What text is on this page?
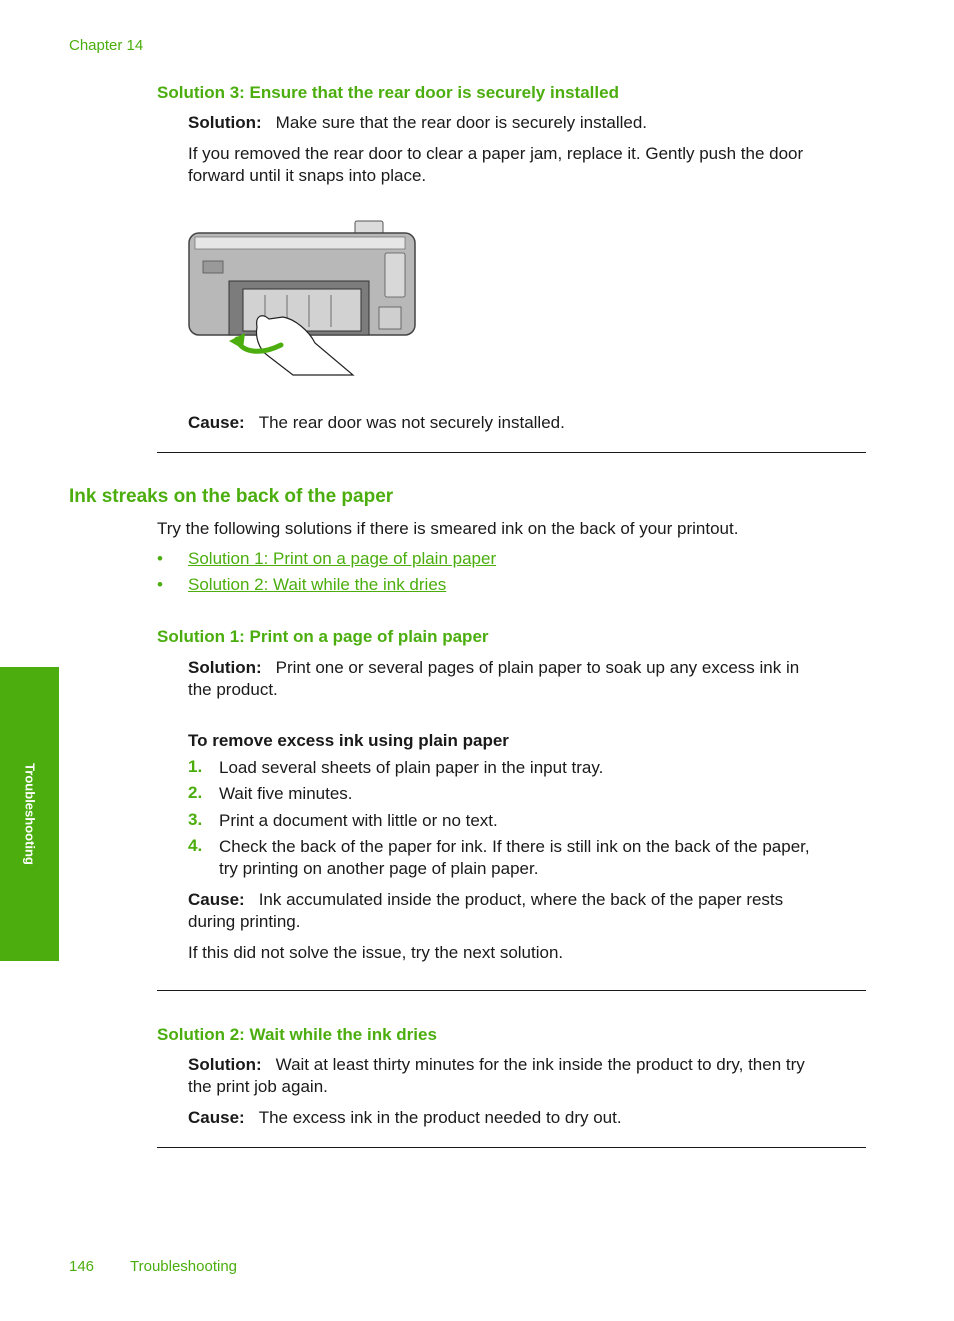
Chapter 14
Solution 3: Ensure that the rear door is securely installed

Solution: Make sure that the rear door is securely installed.

If you removed the rear door to clear a paper jam, replace it. Gently push the door
forward until it snaps into place.

Cause: The rear door was not securely installed.

Ink streaks on the back of the paper

Try the following solutions if there is smeared ink on the back of your printout.

• Solution 1: Print on a page of plain paper
• Solution 2: Wait while the ink dries
Solution 1: Print on a page of plain paper

Solution: Print one or several pages of plain paper to soak up any excess ink in
the product.

To remove excess ink using plain paper

1. Load several sheets of plain paper in the input tray.

2. Wait five minutes.

3. Print a document with little or no text.

4. Check the back of the paper for ink. If there is still ink on the back of the paper,
try printing on another page of plain paper.

Cause: Ink accumulated inside the product, where the back of the paper rests
during printing.

If this did not solve the issue, try the next solution.

Solution 2: Wait while the ink dries

Solution: Wait at least thirty minutes for the ink inside the product to dry, then try
the print job again.

Cause: The excess ink in the product needed to dry out.

Troubleshooting
146 Troubleshooting
